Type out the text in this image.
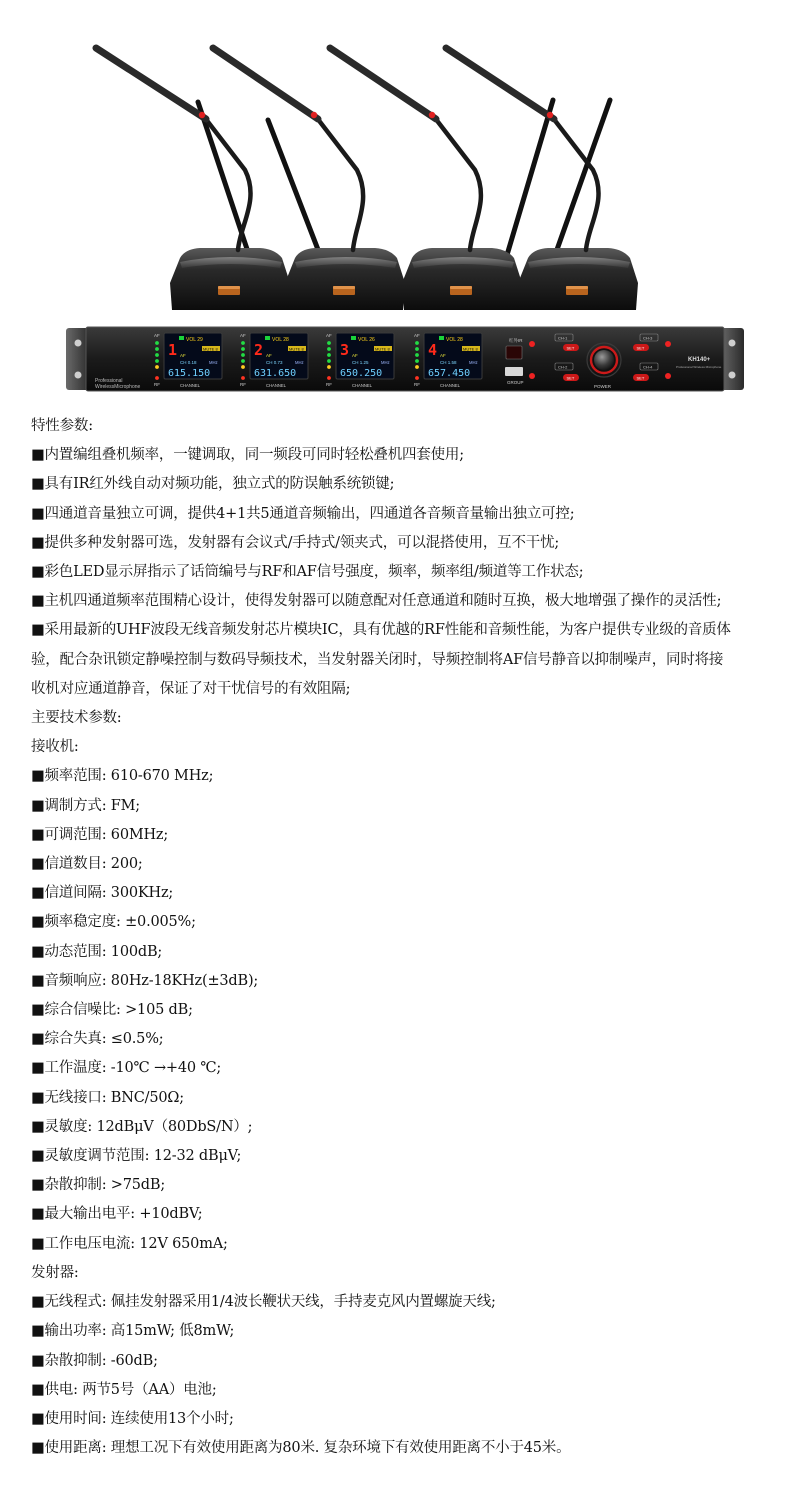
Professional
WirelessMicrophone
AF
RF
1
VOL 29
MUTE 8
AF
CH 0.18	MHz
615.150
CHANNEL
AF
RF
2
VOL 28
MUTE 8
AF
CH 0.73	MHz
631.650
CHANNEL
AF
RF
3
VOL 26
MUTE 8
AF
CH 1.25	MHz
650.250
CHANNEL
AF
RF
4
VOL 28
MUTE 8
AF
CH 1.58	MHz
657.450
CHANNEL
红外IR
GROUP
CH-1
SET
CH-2
SET
CH-3
SET
CH-4
SET
POWER
KH140+
Professional Wireless Microphone
特性参数:
■ 内置编组叠机频率，一键调取，同一频段可同时轻松叠机四套使用;
■ 具有IR红外线自动对频功能，独立式的防误触系统锁键;
■ 四通道音量独立可调，提供4+1共5通道音频输出，四通道各音频音量输出独立可控;
■ 提供多种发射器可选，发射器有会议式/手持式/领夹式，可以混搭使用，互不干忧;
■ 彩色LED显示屏指示了话筒编号与RF和AF信号强度，频率，频率组/频道等工作状态;
■ 主机四通道频率范围精心设计，使得发射器可以随意配对任意通道和随时互换，极大地增强了操作的灵活性;
■ 采用最新的UHF波段无线音频发射芯片模块IC，具有优越的RF性能和音频性能，为客户提供专业级的音质体
验，配合杂讯锁定静噪控制与数码导频技术，当发射器关闭时，导频控制将AF信号静音以抑制噪声，同时将接
收机对应通道静音，保证了对干忧信号的有效阻隔;
主要技术参数:
接收机:
■ 频率范围: 610-670 MHz;
■ 调制方式: FM;
■ 可调范围: 60MHz;
■ 信道数目: 200;
■ 信道间隔: 300KHz;
■ 频率稳定度: ±0.005%;
■ 动态范围: 100dB;
■ 音频响应: 80Hz-18KHz(±3dB);
■ 综合信噪比: >105 dB;
■ 综合失真: ≤0.5%;
■ 工作温度: -10℃ →+40 ℃;
■ 无线接口: BNC/50Ω;
■ 灵敏度: 12dBμV（80DbS/N）;
■ 灵敏度调节范围: 12-32 dBμV;
■ 杂散抑制: >75dB;
■ 最大输出电平: +10dBV;
■ 工作电压电流: 12V 650mA;
发射器:
■ 无线程式: 佩挂发射器采用1/4波长鞭状天线，手持麦克风内置螺旋天线;
■ 输出功率: 高15mW; 低8mW;
■ 杂散抑制: -60dB;
■ 供电: 两节5号（AA）电池;
■ 使用时间: 连续使用13个小时;
■ 使用距离: 理想工况下有效使用距离为80米. 复杂环境下有效使用距离不小于45米。
